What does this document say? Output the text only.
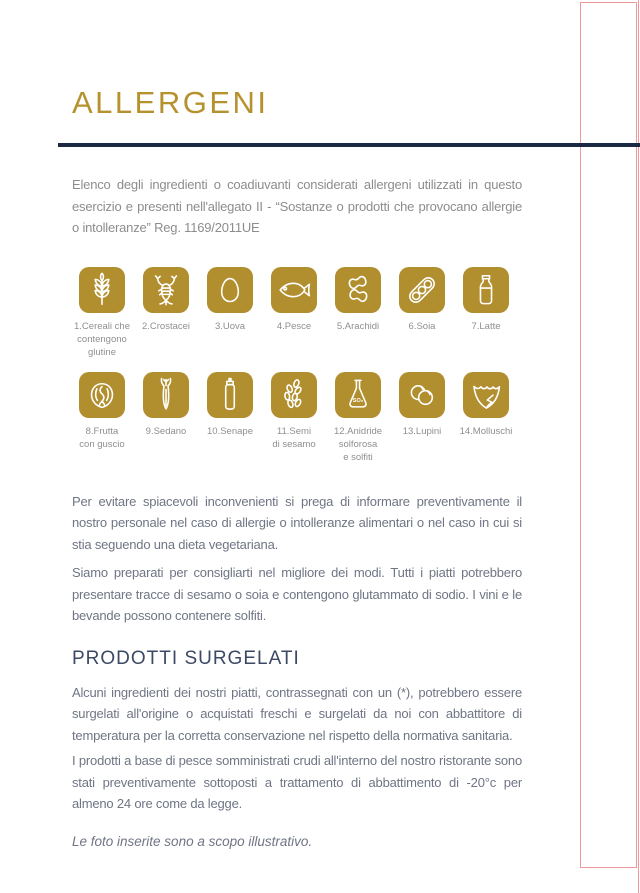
ALLERGENI

Elenco degli ingredienti o coadiuvanti considerati allergeni utilizzati in questo esercizio e presenti nell'allegato II - “Sostanze o prodotti che provocano allergie o intolleranze” Reg. 1169/2011UE

1.Cereali che
contengono
glutine
2.Crostacei	3.Uova	4.Pesce	5.Arachidi	6.Soia	7.Latte
8.Frutta
con guscio
9.Sedano 10.Senape	11.Semi
di sesamo
SO₂
12.Anidride
solforosa
e solfiti
13.Lupini 14.Molluschi

Per evitare spiacevoli inconvenienti si prega di informare preventivamente il nostro personale nel caso di allergie o intolleranze alimentari o nel caso in cui si stia seguendo una dieta vegetariana.

Siamo preparati per consigliarti nel migliore dei modi. Tutti i piatti potrebbero presentare tracce di sesamo o soia e contengono glutammato di sodio. I vini e le bevande possono contenere solfiti.

PRODOTTI SURGELATI

Alcuni ingredienti dei nostri piatti, contrassegnati con un (*), potrebbero essere surgelati all'origine o acquistati freschi e surgelati da noi con abbattitore di temperatura per la corretta conservazione nel rispetto della normativa sanitaria.

I prodotti a base di pesce somministrati crudi all'interno del nostro ristorante sono stati preventivamente sottoposti a trattamento di abbattimento di -20°c per almeno 24 ore come da legge.

Le foto inserite sono a scopo illustrativo.
